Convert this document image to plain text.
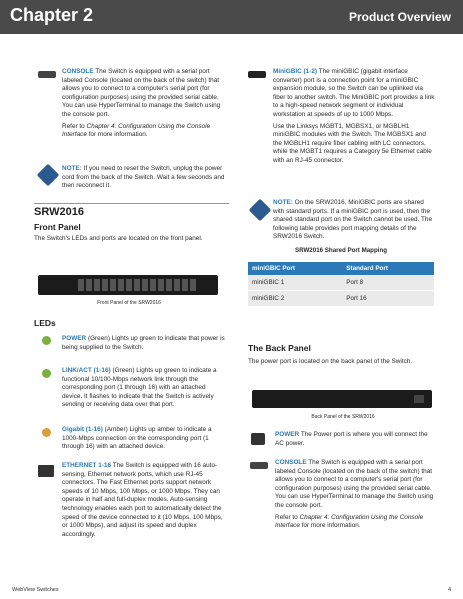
Chapter 2	Product Overview

CONSOLE The Switch is equipped with a serial port labeled Console (located on the back of the switch) that allows you to connect to a computer's serial port (for configuration purposes) using the provided serial cable. You can use HyperTerminal to manage the Switch using the console port.

Refer to Chapter 4: Configuration Using the Console Interface for more information.

NOTE: If you need to reset the Switch, unplug the power cord from the back of the Switch. Wait a few seconds and then reconnect it.

SRW2016
Front Panel

The Switch's LEDs and ports are located on the front panel.

Front Panel of the SRW2016
LEDs

POWER (Green) Lights up green to indicate that power is being supplied to the Switch.

LINK/ACT (1-16) (Green) Lights up green to indicate a functional 10/100-Mbps network link through the corresponding port (1 through 16) with an attached device. It flashes to indicate that the Switch is actively sending or receiving data over that port.

Gigabit (1-16) (Amber) Lights up amber to indicate a 1000-Mbps connection on the corresponding port (1 through 16) with an attached device.

ETHERNET 1-16 The Switch is equipped with 16 auto-sensing, Ethernet network ports, which use RJ-45 connectors. The Fast Ethernet ports support network speeds of 10 Mbps, 100 Mbps, or 1000 Mbps. They can operate in half and full-duplex modes. Auto-sensing technology enables each port to automatically detect the speed of the device connected to it (10 Mbps, 100 Mbps, or 1000 Mbps), and adjust its speed and duplex accordingly.

MiniGBIC (1-2) The miniGBIC (gigabit interface converter) port is a connection point for a miniGBIC expansion module, so the Switch can be uplinked via fiber to another switch. The MiniGBIC port provides a link to a high-speed network segment or individual workstation at speeds of up to 1000 Mbps.

Use the Linksys MGBT1, MGBSX1, or MGBLH1 miniGBIC modules with the Switch. The MGBSX1 and the MGBLH1 require fiber cabling with LC connectors, while the MGBT1 requires a Category 5e Ethernet cable with an RJ-45 connector.

NOTE: On the SRW2016, MiniGBIC ports are shared with standard ports. If a miniGBIC port is used, then the shared standard port on the Switch cannot be used. The following table provides port mapping details of the SRW2016 Switch.

SRW2016 Shared Port Mapping
miniGBIC Port	Standard Port
miniGBIC 1	Port 8
miniGBIC 2	Port 16
The Back Panel

The power port is located on the back panel of the Switch.

Back Panel of the SRW2016

POWER The Power port is where you will connect the AC power.

CONSOLE The Switch is equipped with a serial port labeled Console (located on the back of the switch) that allows you to connect to a computer's serial port (for configuration purposes) using the provided serial cable. You can use HyperTerminal to manage the Switch using the console port.

Refer to Chapter 4: Configuration Using the Console Interface for more information.

WebView Switches	4
